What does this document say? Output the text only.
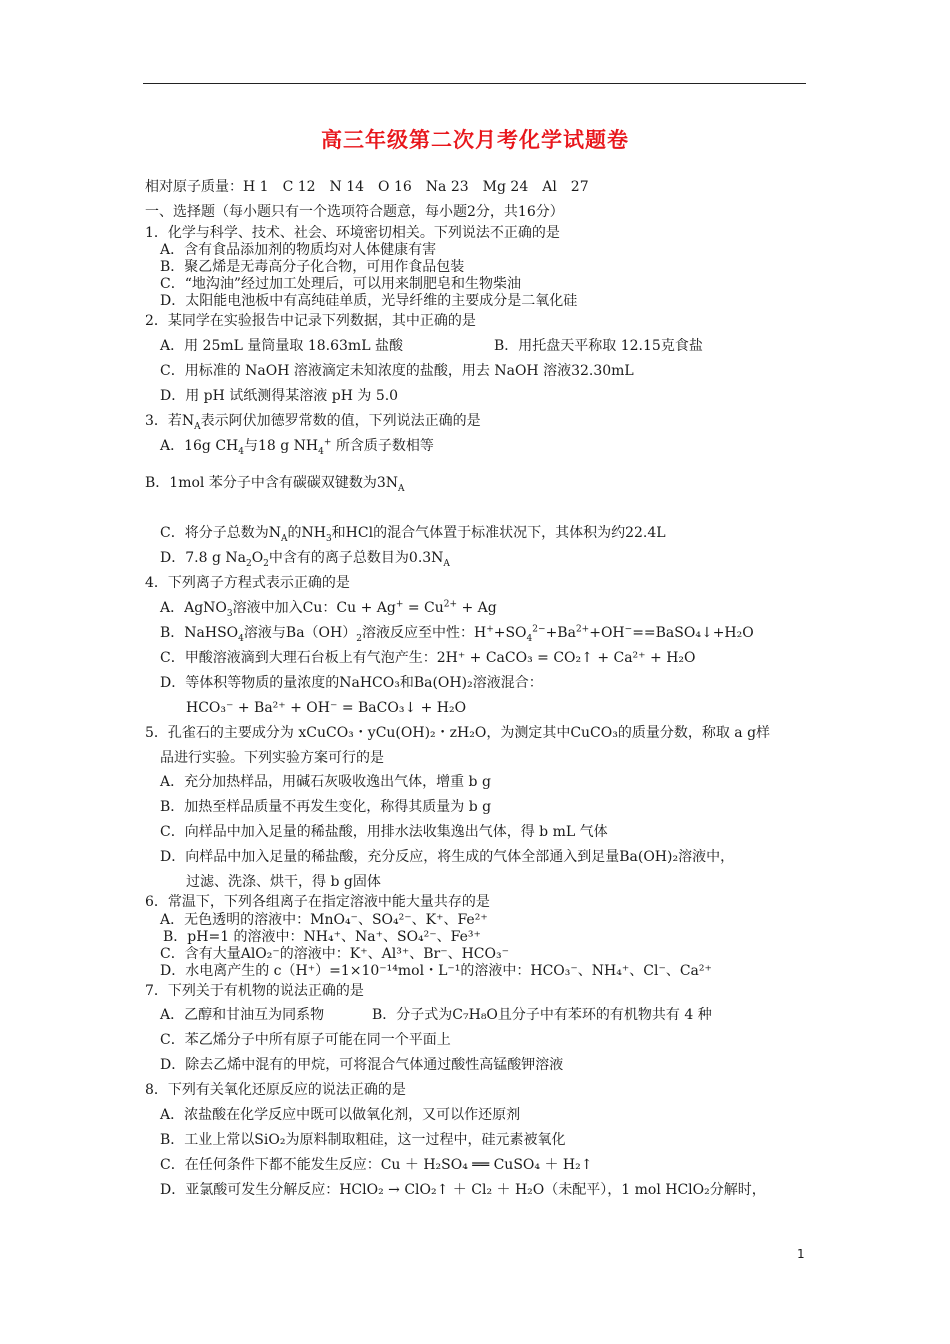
高三年级第二次月考化学试题卷
相对原子质量：H 1　C 12　N 14　O 16　Na 23　Mg 24　Al　27
一、选择题（每小题只有一个选项符合题意，每小题2分，共16分）
1．化学与科学、技术、社会、环境密切相关。下列说法不正确的是
A．含有食品添加剂的物质均对人体健康有害
B．聚乙烯是无毒高分子化合物，可用作食品包装
C．“地沟油”经过加工处理后，可以用来制肥皂和生物柴油
D．太阳能电池板中有高纯硅单质，光导纤维的主要成分是二氧化硅
2．某同学在实验报告中记录下列数据，其中正确的是
A．用 25mL 量筒量取 18.63mL 盐酸	B．用托盘天平称取 12.15克食盐
C．用标准的 NaOH 溶液滴定未知浓度的盐酸，用去 NaOH 溶液32.30mL
D．用 pH 试纸测得某溶液 pH 为 5.0
3．若$N_A$表示阿伏加德罗常数的值，下列说法正确的是
A．16g $CH_4$与18 g $NH_4^+$ 所含质子数相等
B．1mol 苯分子中含有碳碳双键数为$3N_A$
C．将分子总数为$N_A$的$NH_3$和HCl的混合气体置于标准状况下，其体积为约22.4L
D．7.8 g $Na_2O_2$中含有的离子总数目为$0.3N_A$
4．下列离子方程式表示正确的是
A．AgNO$_3$溶液中加入Cu：$Cu + Ag^+ = Cu^{2+} + Ag$
B．NaHSO$_4$溶液与$Ba(OH)_2$溶液反应至中性：$H^++SO_4^{2-}+Ba^{2+}+OH^-==BaSO_4↓+H_2O$
C．甲酸溶液滴到大理石台板上有气泡产生：2H⁺ + CaCO₃ = CO₂↑ + Ca²⁺ + H₂O
D．等体积等物质的量浓度的NaHCO₃和Ba(OH)₂溶液混合：
HCO₃⁻ + Ba²⁺ + OH⁻ = BaCO₃↓ + H₂O
5．孔雀石的主要成分为 xCuCO₃・yCu(OH)₂・zH₂O，为测定其中CuCO₃的质量分数，称取 a g样
品进行实验。下列实验方案可行的是
A．充分加热样品，用碱石灰吸收逸出气体，增重 b g
B．加热至样品质量不再发生变化，称得其质量为 b g
C．向样品中加入足量的稀盐酸，用排水法收集逸出气体，得 b mL 气体
D．向样品中加入足量的稀盐酸，充分反应，将生成的气体全部通入到足量Ba(OH)₂溶液中，
过滤、洗涤、烘干，得 b g固体
6．常温下，下列各组离子在指定溶液中能大量共存的是
A．无色透明的溶液中：MnO₄⁻、SO₄²⁻、K⁺、Fe²⁺
B．pH=1 的溶液中：NH₄⁺、Na⁺、SO₄²⁻、Fe³⁺
C．含有大量AlO₂⁻的溶液中：K⁺、Al³⁺、Br⁻、HCO₃⁻
D．水电离产生的 c（H⁺）=1×10⁻¹⁴mol・L⁻¹的溶液中：HCO₃⁻、NH₄⁺、Cl⁻、Ca²⁺
7．下列关于有机物的说法正确的是
A．乙醇和甘油互为同系物	B．分子式为C₇H₈O且分子中有苯环的有机物共有 4 种
C．苯乙烯分子中所有原子可能在同一个平面上
D．除去乙烯中混有的甲烷，可将混合气体通过酸性高锰酸钾溶液
8．下列有关氧化还原反应的说法正确的是
A．浓盐酸在化学反应中既可以做氧化剂，又可以作还原剂
B．工业上常以SiO₂为原料制取粗硅，这一过程中，硅元素被氧化
C．在任何条件下都不能发生反应：Cu ＋ H₂SO₄ ══ CuSO₄ ＋ H₂↑
D．亚氯酸可发生分解反应：HClO₂ → ClO₂↑ ＋ Cl₂ ＋ H₂O（未配平），1 mol HClO₂分解时，
1
